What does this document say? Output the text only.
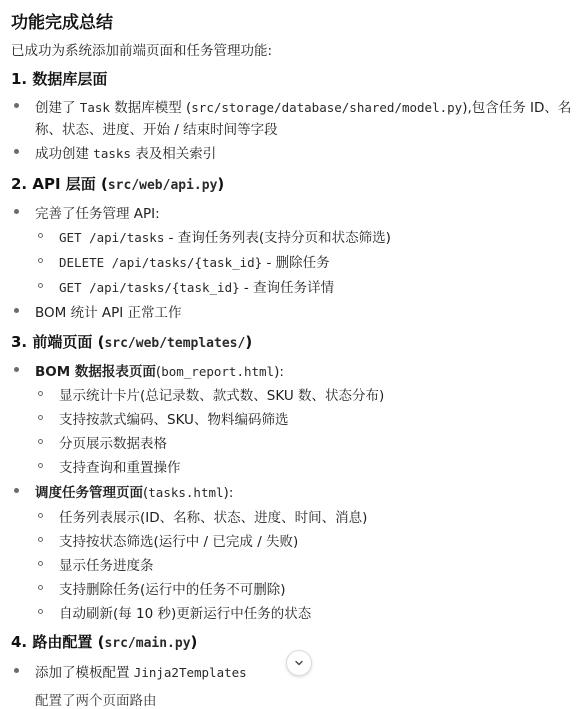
功能完成总结
已成功为系统添加前端页面和任务管理功能:
1. 数据库层面
创建了 Task 数据库模型 (src/storage/database/shared/model.py),包含任务 ID、名
称、状态、进度、开始 / 结束时间等字段
成功创建 tasks 表及相关索引
2. API 层面 (src/web/api.py)
完善了任务管理 API:
GET /api/tasks - 查询任务列表(支持分页和状态筛选)
DELETE /api/tasks/{task_id} - 删除任务
GET /api/tasks/{task_id} - 查询任务详情
BOM 统计 API 正常工作
3. 前端页面 (src/web/templates/)
BOM 数据报表页面(bom_report.html):
显示统计卡片(总记录数、款式数、SKU 数、状态分布)
支持按款式编码、SKU、物料编码筛选
分页展示数据表格
支持查询和重置操作
调度任务管理页面(tasks.html):
任务列表展示(ID、名称、状态、进度、时间、消息)
支持按状态筛选(运行中 / 已完成 / 失败)
显示任务进度条
支持删除任务(运行中的任务不可删除)
自动刷新(每 10 秒)更新运行中任务的状态
4. 路由配置 (src/main.py)
添加了模板配置 Jinja2Templates
配置了两个页面路由
